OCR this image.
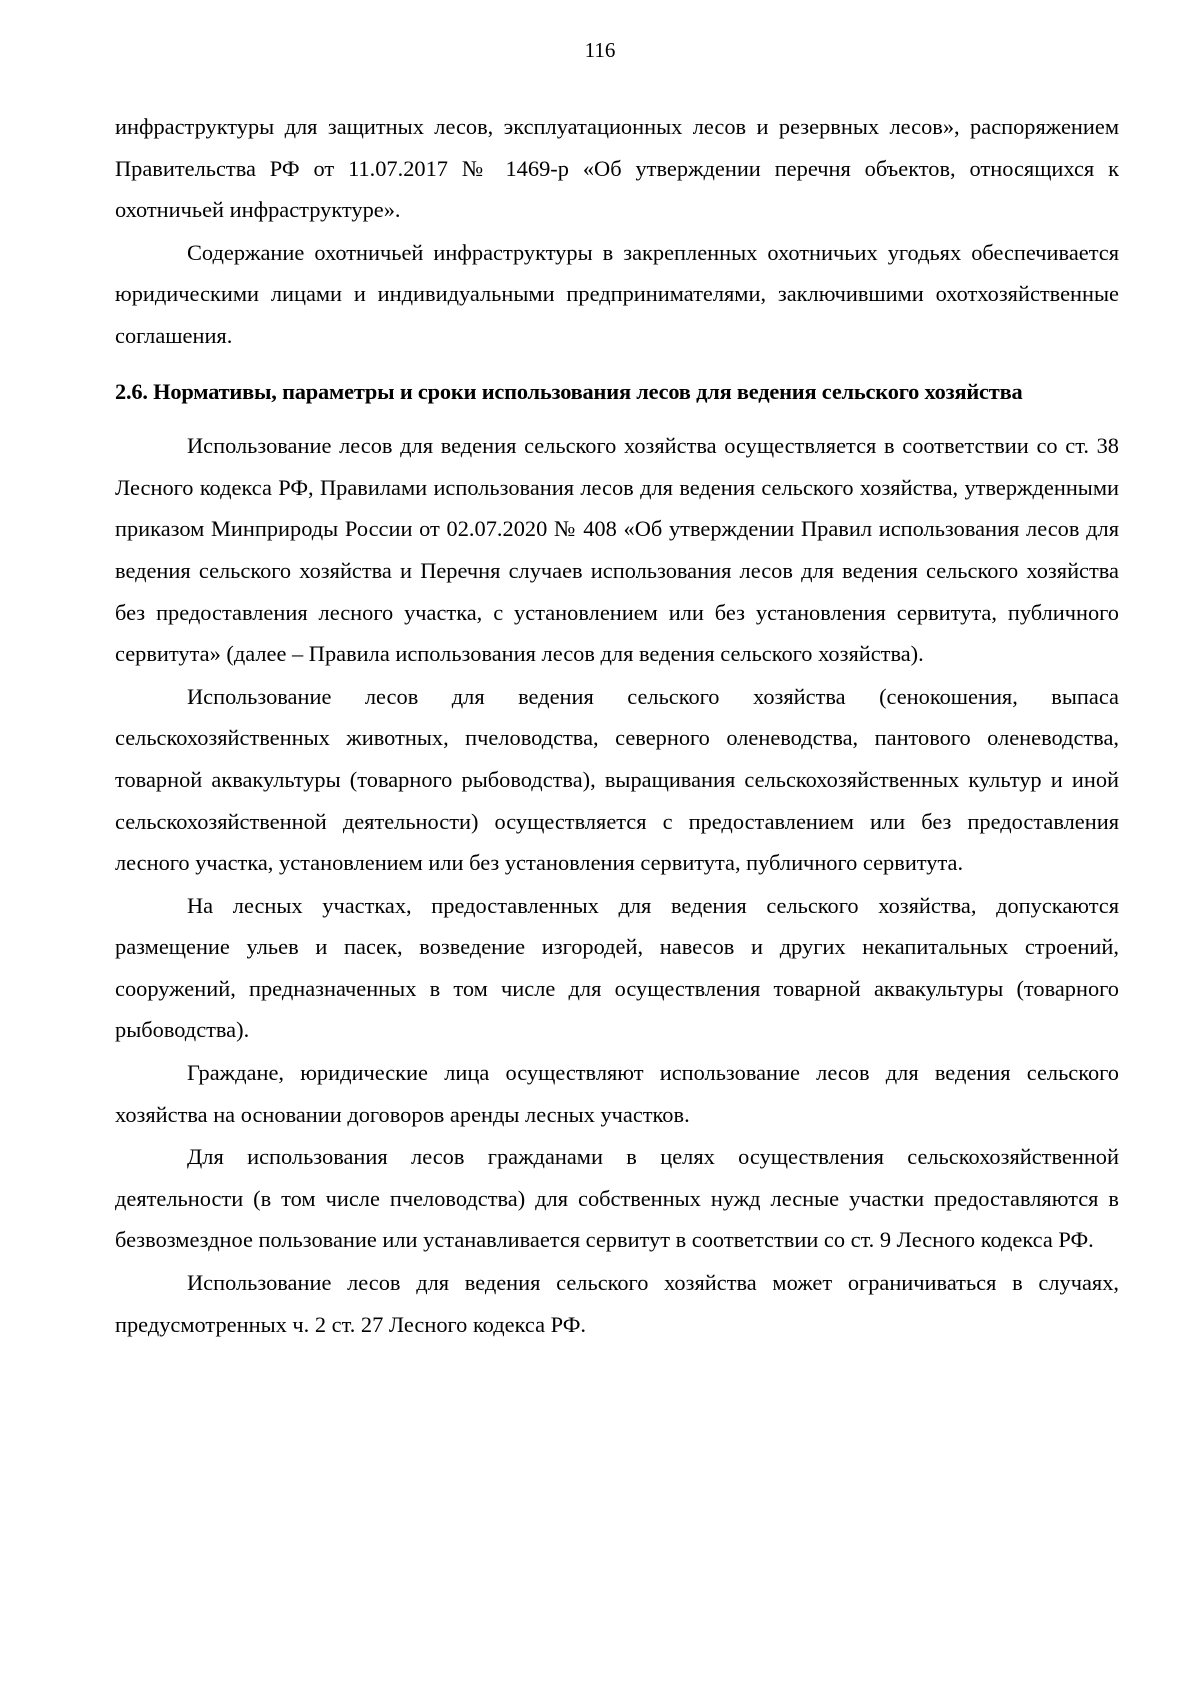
116

инфраструктуры для защитных лесов, эксплуатационных лесов и резервных лесов», распоряжением Правительства РФ от 11.07.2017 № 1469-р «Об утверждении перечня объектов, относящихся к охотничьей инфраструктуре».

Содержание охотничьей инфраструктуры в закрепленных охотничьих угодьях обеспечивается юридическими лицами и индивидуальными предпринимателями, заключившими охотхозяйственные соглашения.

2.6. Нормативы, параметры и сроки использования лесов для ведения сельского хозяйства

Использование лесов для ведения сельского хозяйства осуществляется в соответствии со ст. 38 Лесного кодекса РФ, Правилами использования лесов для ведения сельского хозяйства, утвержденными приказом Минприроды России от 02.07.2020 № 408 «Об утверждении Правил использования лесов для ведения сельского хозяйства и Перечня случаев использования лесов для ведения сельского хозяйства без предоставления лесного участка, с установлением или без установления сервитута, публичного сервитута» (далее – Правила использования лесов для ведения сельского хозяйства).

Использование лесов для ведения сельского хозяйства (сенокошения, выпаса сельскохозяйственных животных, пчеловодства, северного оленеводства, пантового оленеводства, товарной аквакультуры (товарного рыбоводства), выращивания сельскохозяйственных культур и иной сельскохозяйственной деятельности) осуществляется с предоставлением или без предоставления лесного участка, установлением или без установления сервитута, публичного сервитута.

На лесных участках, предоставленных для ведения сельского хозяйства, допускаются размещение ульев и пасек, возведение изгородей, навесов и других некапитальных строений, сооружений, предназначенных в том числе для осуществления товарной аквакультуры (товарного рыбоводства).

Граждане, юридические лица осуществляют использование лесов для ведения сельского хозяйства на основании договоров аренды лесных участков.

Для использования лесов гражданами в целях осуществления сельскохозяйственной деятельности (в том числе пчеловодства) для собственных нужд лесные участки предоставляются в безвозмездное пользование или устанавливается сервитут в соответствии со ст. 9 Лесного кодекса РФ.

Использование лесов для ведения сельского хозяйства может ограничиваться в случаях, предусмотренных ч. 2 ст. 27 Лесного кодекса РФ.
